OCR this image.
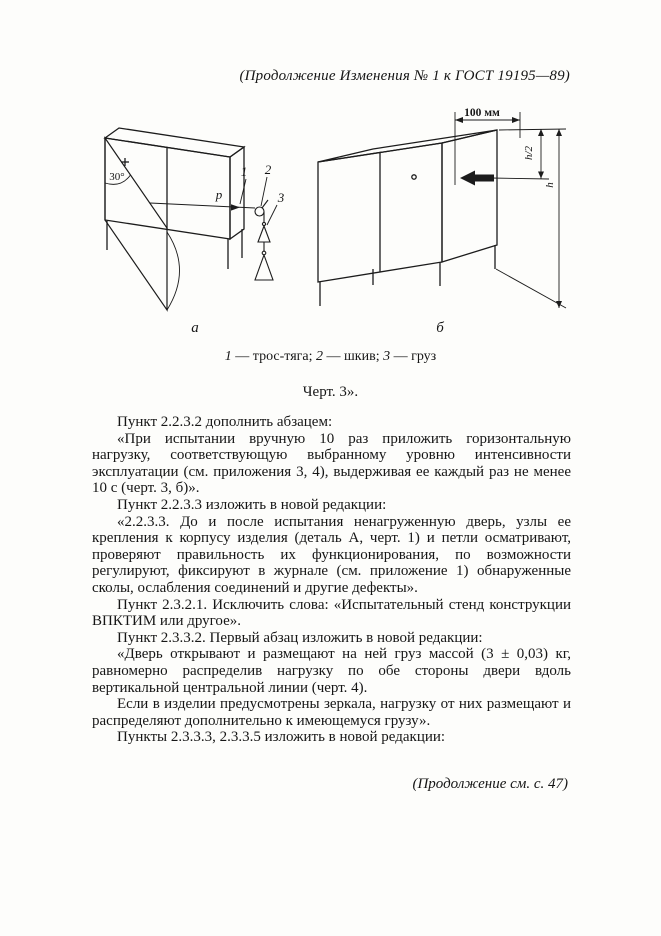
(Продолжение Изменения № 1 к ГОСТ 19195—89)
30°
р
1 2
3
а
100 мм
h/2
h
б
1 — трос-тяга; 2 — шкив; 3 — груз
Черт. 3».

Пункт 2.2.3.2 дополнить абзацем:

«При испытании вручную 10 раз приложить горизонтальную нагрузку, соответствующую выбранному уровню интенсивности эксплуатации (см. приложения 3, 4), выдерживая ее каждый раз не менее 10 с (черт. 3, б)».

Пункт 2.2.3.3 изложить в новой редакции:

«2.2.3.3. До и после испытания ненагруженную дверь, узлы ее крепления к корпусу изделия (деталь А, черт. 1) и петли осматривают, проверяют правильность их функционирования, по возможности регулируют, фиксируют в журнале (см. приложение 1) обнаруженные сколы, ослабления соединений и другие дефекты».

Пункт 2.3.2.1. Исключить слова: «Испытательный стенд конструкции ВПКТИМ или другое».

Пункт 2.3.3.2. Первый абзац изложить в новой редакции:

«Дверь открывают и размещают на ней груз массой (3 ± 0,03) кг, равномерно распределив нагрузку по обе стороны двери вдоль вертикальной центральной линии (черт. 4).

Если в изделии предусмотрены зеркала, нагрузку от них размещают и распределяют дополнительно к имеющемуся грузу».

Пункты 2.3.3.3, 2.3.3.5 изложить в новой редакции:

(Продолжение см. с. 47)
